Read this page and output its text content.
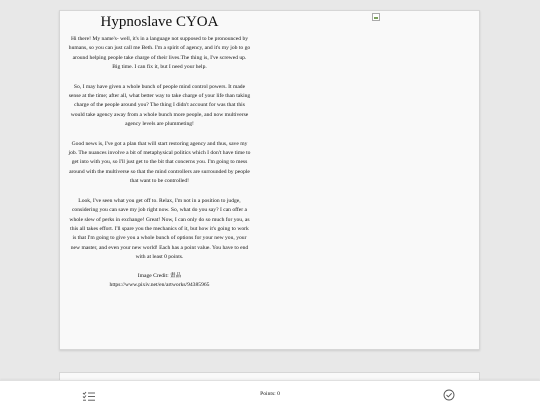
Hypnoslave CYOA

Hi there! My name's- well, it's in a language not supposed to be pronounced by humans, so you can just call me Beth. I'm a spirit of agency, and it's my job to go around helping people take charge of their lives.The thing is, I've screwed up. Big time. I can fix it, but I need your help.

So, I may have given a whole bunch of people mind control powers. It made sense at the time; after all, what better way to take charge of your life than taking charge of the people around you? The thing I didn't account for was that this would take agency away from a whole bunch more people, and now multiverse agency levels are plummeting!

Good news is, I've got a plan that will start restoring agency and thus, save my job. The nuances involve a bit of metaphysical politics which I don't have time to get into with you, so I'll just get to the bit that concerns you. I'm going to mess around with the multiverse so that the mind controllers are surrounded by people that want to be controlled!

Look, I've seen what you get off to. Relax, I'm not in a position to judge, considering you can save my job right now. So, what do you say? I can offer a whole slew of perks in exchange! Great! Now, I can only do so much for you, as this all takes effort. I'll spare you the mechanics of it, but how it's going to work is that I'm going to give you a whole bunch of options for your new you, your new master, and even your new world! Each has a point value. You have to end with at least 0 points.

Image Credit: 畫品
https://www.pixiv.net/en/artworks/94385965
Points: 0
